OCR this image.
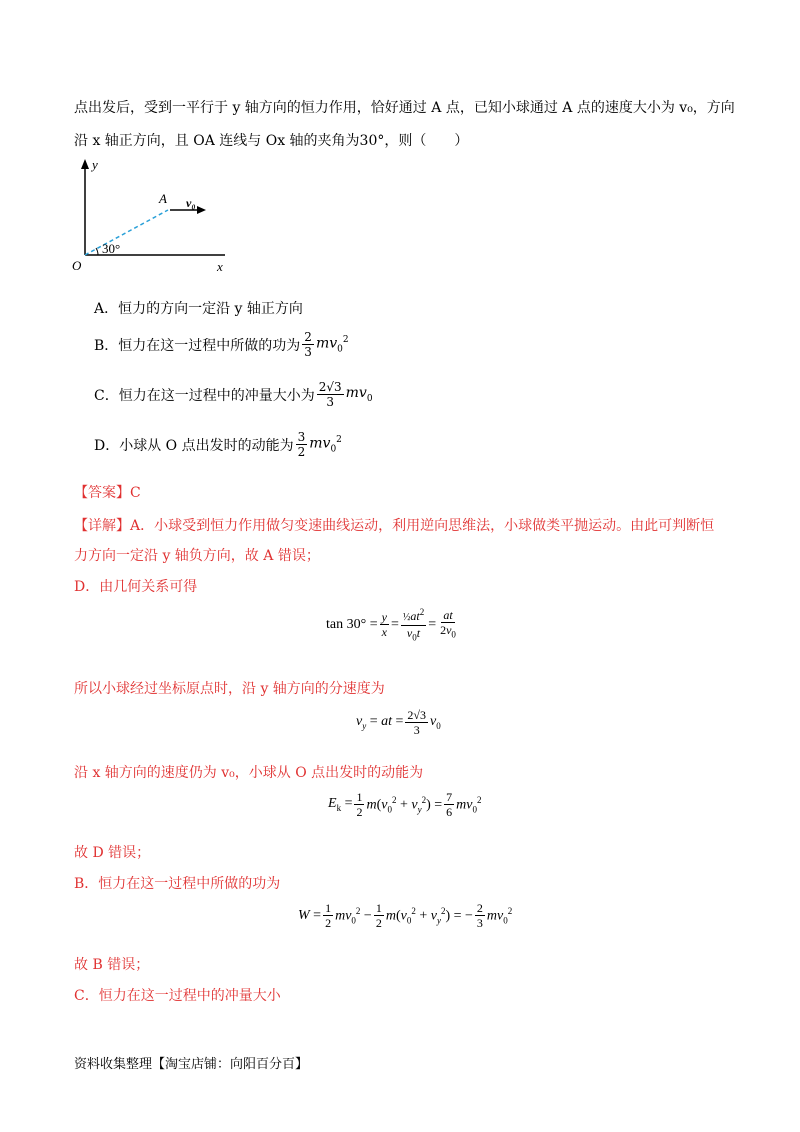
点出发后，受到一平行于 y 轴方向的恒力作用，恰好通过 A 点，已知小球通过 A 点的速度大小为 v₀，方向
沿 x 轴正方向，且 OA 连线与 Ox 轴的夹角为30°，则（　　）
y
x
O
A v₀
30°
A．恒力的方向一定沿 y 轴正方向
B．恒力在这一过程中所做的功为 $\frac{2}{3} mv_0^2$
C．恒力在这一过程中的冲量大小为 $\frac{2√3}{3} mv_0$
D．小球从 O 点出发时的动能为 $\frac{3}{2} mv_0^2$
【答案】C
【详解】A．小球受到恒力作用做匀变速曲线运动，利用逆向思维法，小球做类平抛运动。由此可判断恒
力方向一定沿 y 轴负方向，故 A 错误；
D．由几何关系可得
$\tan 30^\circ = \frac{y}{x} = \frac{\frac{1}{2}at^2}{v_0t} = \frac{at}{2v_0}$
所以小球经过坐标原点时，沿 y 轴方向的分速度为
$v_y$ = at = $\frac{2√3}{3} v_0$
沿 x 轴方向的速度仍为 v₀，小球从 O 点出发时的动能为
$E_k = \frac{1}{2} m(v_0^2 + v_y^2) = \frac{7}{6} mv_0^2$
故 D 错误；
B．恒力在这一过程中所做的功为
$W = \frac{1}{2} mv_0^2 - \frac{1}{2} m(v_0^2 + v_y^2)$ = − $\frac{2}{3} mv_0^2$
故 B 错误；
C．恒力在这一过程中的冲量大小
资料收集整理【淘宝店铺：向阳百分百】
